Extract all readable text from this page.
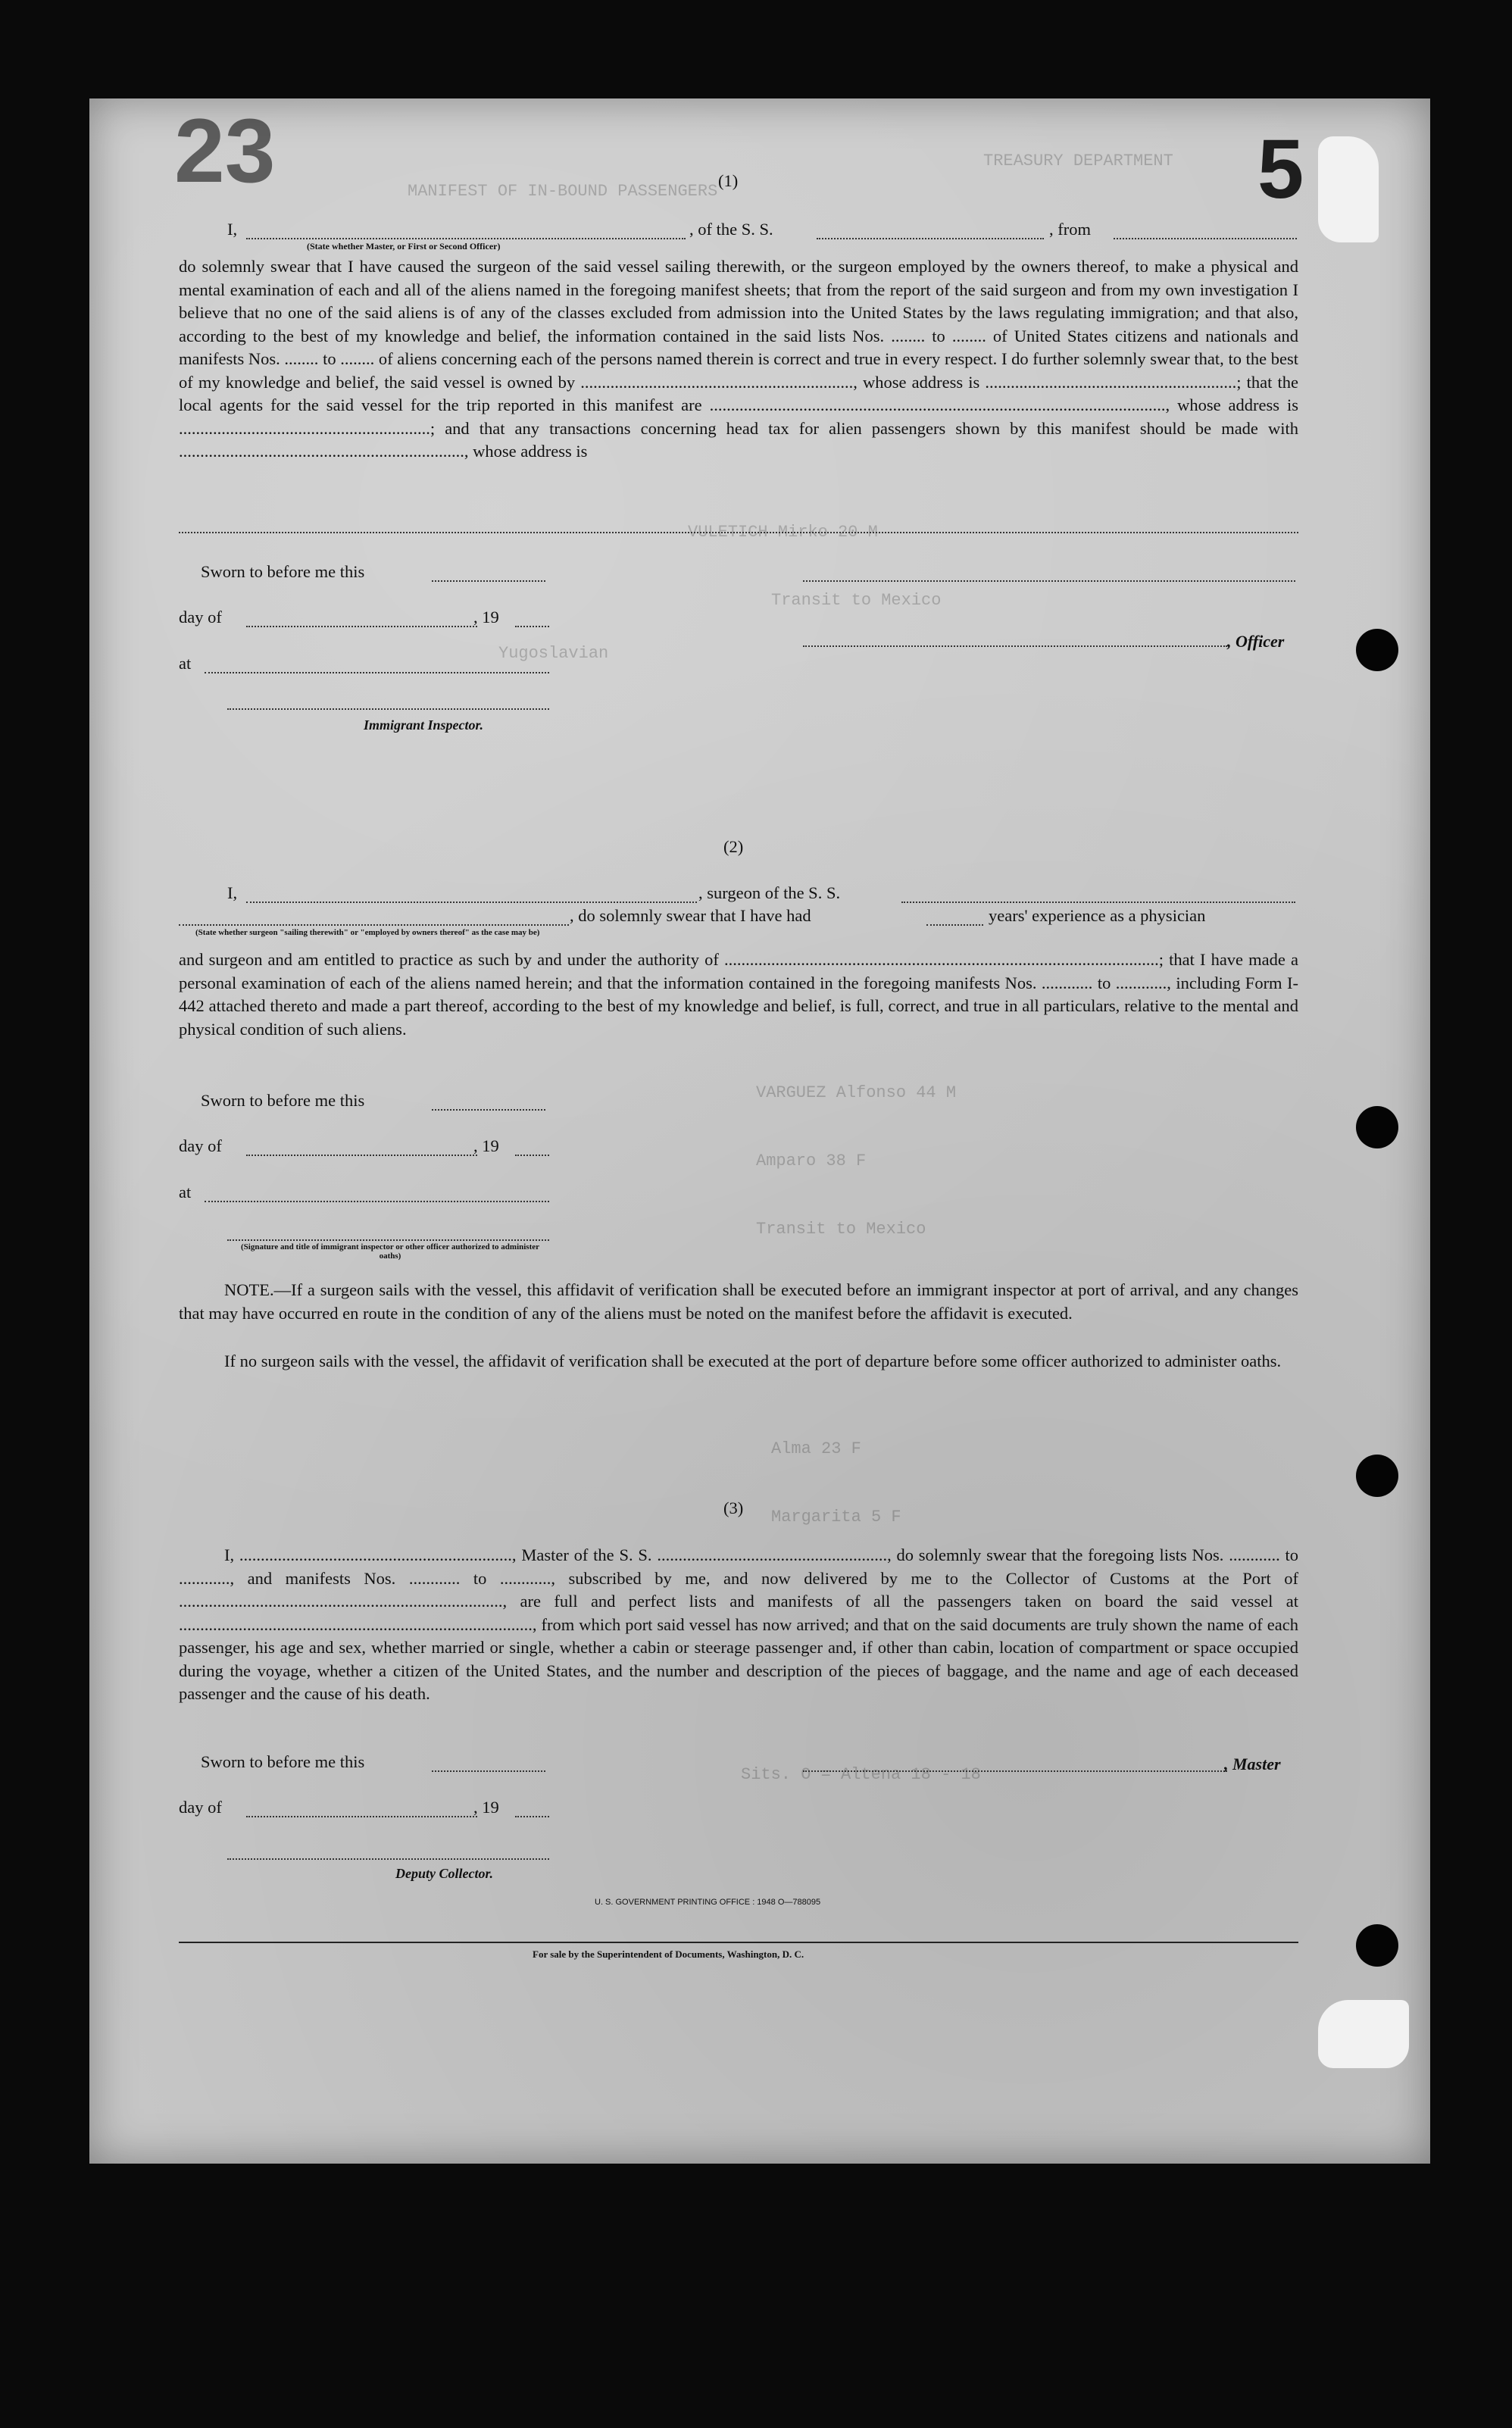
TREASURY DEPARTMENT
MANIFEST OF IN-BOUND PASSENGERS
VULETICH Mirko 20 M
Transit to Mexico
Yugoslavian
VARGUEZ Alfonso 44 M
Amparo 38 F
Transit to Mexico
Alma 23 F
Margarita 5 F
Sits. O = Altena 18 - 18
23	5
(1)
I,	, of the S. S.	, from
(State whether Master, or First or Second Officer)
do solemnly swear that I have caused the surgeon of the said vessel sailing therewith, or the surgeon employed by the owners thereof, to make a physical and mental examination of each and all of the aliens named in the foregoing manifest sheets; that from the report of the said surgeon and from my own investigation I believe that no one of the said aliens is of any of the classes excluded from admission into the United States by the laws regulating immigration; and that also, according to the best of my knowledge and belief, the information contained in the said lists Nos. ........ to ........ of United States citizens and nationals and manifests Nos. ........ to ........ of aliens concerning each of the persons named therein is correct and true in every respect. I do further solemnly swear that, to the best of my knowledge and belief, the said vessel is owned by ................................................................, whose address is ...........................................................; that the local agents for the said vessel for the trip reported in this manifest are ..........................................................................................................., whose address is ...........................................................; and that any transactions concerning head tax for alien passengers shown by this manifest should be made with ..................................................................., whose address is
Sworn to before me this
day of	, 19
, Officer
at
Immigrant Inspector.
(2)
I,	, surgeon of the S. S.
, do solemnly swear that I have had	years' experience as a physician
(State whether surgeon "sailing therewith" or "employed by owners thereof" as the case may be)
and surgeon and am entitled to practice as such by and under the authority of ......................................................................................................; that I have made a personal examination of each of the aliens named herein; and that the information contained in the foregoing manifests Nos. ............ to ............, including Form I-442 attached thereto and made a part thereof, according to the best of my knowledge and belief, is full, correct, and true in all particulars, relative to the mental and physical condition of such aliens.
Sworn to before me this
day of	, 19
at
(Signature and title of immigrant inspector or other officer authorized to administer oaths)
NOTE.—If a surgeon sails with the vessel, this affidavit of verification shall be executed before an immigrant inspector at port of arrival, and any changes that may have occurred en route in the condition of any of the aliens must be noted on the manifest before the affidavit is executed.
If no surgeon sails with the vessel, the affidavit of verification shall be executed at the port of departure before some officer authorized to administer oaths.
(3)
I, ................................................................, Master of the S. S. ......................................................, do solemnly swear that the foregoing lists Nos. ............ to ............, and manifests Nos. ............ to ............, subscribed by me, and now delivered by me to the Collector of Customs at the Port of ............................................................................, are full and perfect lists and manifests of all the passengers taken on board the said vessel at ..................................................................................., from which port said vessel has now arrived; and that on the said documents are truly shown the name of each passenger, his age and sex, whether married or single, whether a cabin or steerage passenger and, if other than cabin, location of compartment or space occupied during the voyage, whether a citizen of the United States, and the number and description of the pieces of baggage, and the name and age of each deceased passenger and the cause of his death.
Sworn to before me this	, Master
day of	, 19
Deputy Collector.
U. S. GOVERNMENT PRINTING OFFICE : 1948 O—788095
For sale by the Superintendent of Documents, Washington, D. C.
